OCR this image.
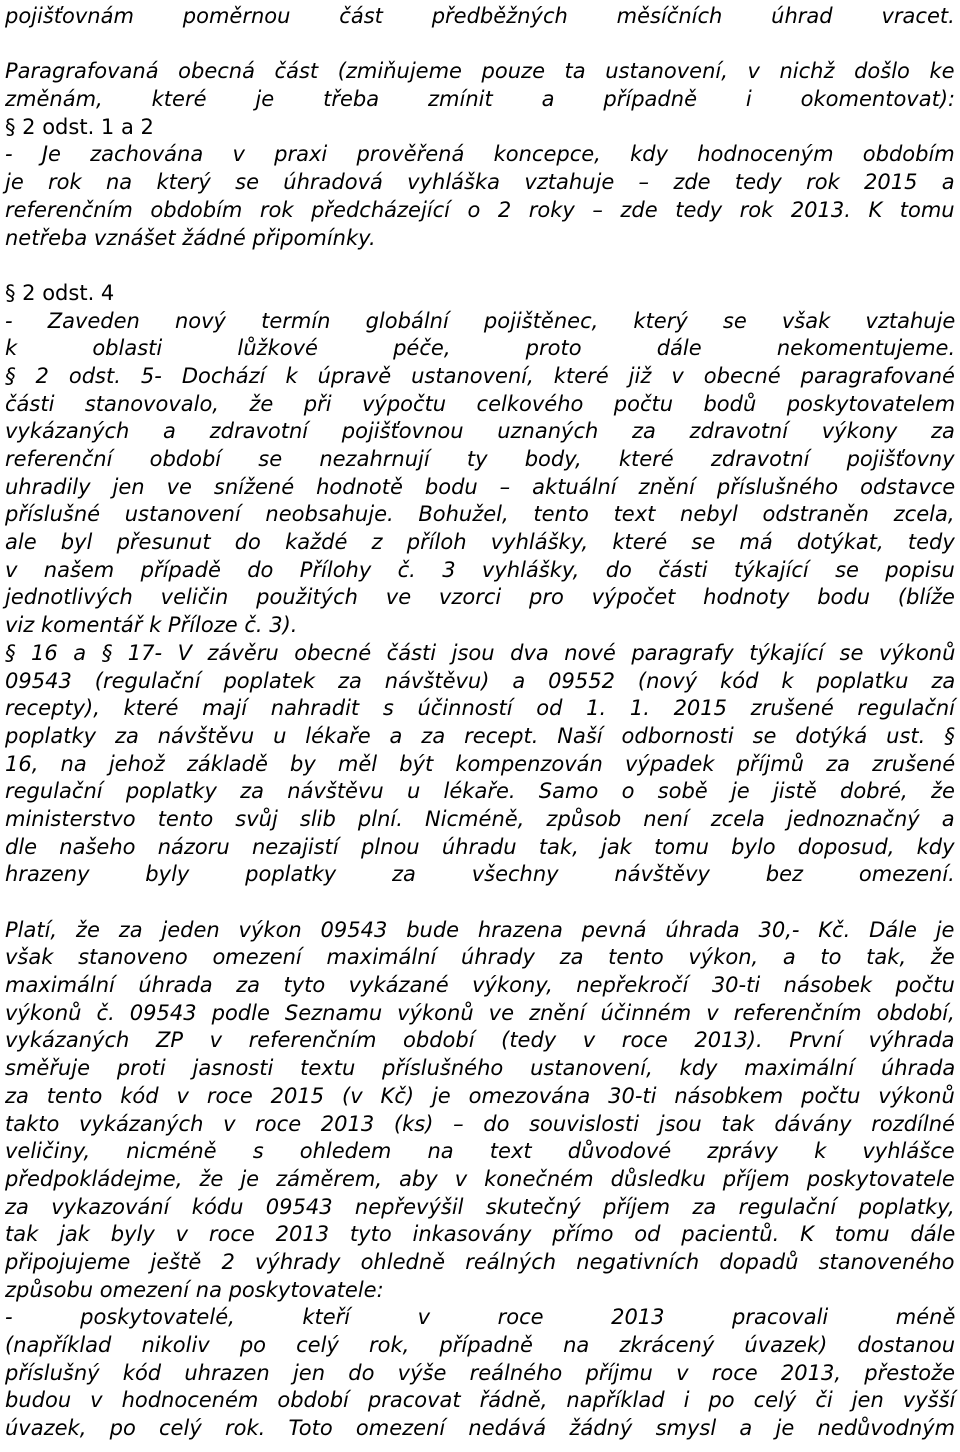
pojišťovnám poměrnou část předběžných měsíčních úhrad vracet.
Paragrafovaná obecná část (zmiňujeme pouze ta ustanovení, v nichž došlo ke
změnám, které je třeba zmínit a případně i okomentovat):
§ 2 odst. 1 a 2
- Je zachována v praxi prověřená koncepce, kdy hodnoceným obdobím
je rok na který se úhradová vyhláška vztahuje – zde tedy rok 2015 a
referenčním obdobím rok předcházející o 2 roky – zde tedy rok 2013. K tomu
netřeba vznášet žádné připomínky.
§ 2 odst. 4
- Zaveden nový termín globální pojištěnec, který se však vztahuje
k oblasti lůžkové péče, proto dále nekomentujeme.
§ 2 odst. 5- Dochází k úpravě ustanovení, které již v obecné paragrafované
části stanovovalo, že při výpočtu celkového počtu bodů poskytovatelem
vykázaných a zdravotní pojišťovnou uznaných za zdravotní výkony za
referenční období se nezahrnují ty body, které zdravotní pojišťovny
uhradily jen ve snížené hodnotě bodu – aktuální znění příslušného odstavce
příslušné ustanovení neobsahuje. Bohužel, tento text nebyl odstraněn zcela,
ale byl přesunut do každé z příloh vyhlášky, které se má dotýkat, tedy
v našem případě do Přílohy č. 3 vyhlášky, do části týkající se popisu
jednotlivých veličin použitých ve vzorci pro výpočet hodnoty bodu (blíže
viz komentář k Příloze č. 3).
§ 16 a § 17- V závěru obecné části jsou dva nové paragrafy týkající se výkonů
09543 (regulační poplatek za návštěvu) a 09552 (nový kód k poplatku za
recepty), které mají nahradit s účinností od 1. 1. 2015 zrušené regulační
poplatky za návštěvu u lékaře a za recept. Naší odbornosti se dotýká ust. §
16, na jehož základě by měl být kompenzován výpadek příjmů za zrušené
regulační poplatky za návštěvu u lékaře. Samo o sobě je jistě dobré, že
ministerstvo tento svůj slib plní. Nicméně, způsob není zcela jednoznačný a
dle našeho názoru nezajistí plnou úhradu tak, jak tomu bylo doposud, kdy
hrazeny byly poplatky za všechny návštěvy bez omezení.
Platí, že za jeden výkon 09543 bude hrazena pevná úhrada 30,- Kč. Dále je
však stanoveno omezení maximální úhrady za tento výkon, a to tak, že
maximální úhrada za tyto vykázané výkony, nepřekročí 30-ti násobek počtu
výkonů č. 09543 podle Seznamu výkonů ve znění účinném v referenčním období,
vykázaných ZP v referenčním období (tedy v roce 2013). První výhrada
směřuje proti jasnosti textu příslušného ustanovení, kdy maximální úhrada
za tento kód v roce 2015 (v Kč) je omezována 30-ti násobkem počtu výkonů
takto vykázaných v roce 2013 (ks) – do souvislosti jsou tak dávány rozdílné
veličiny, nicméně s ohledem na text důvodové zprávy k vyhlášce
předpokládejme, že je záměrem, aby v konečném důsledku příjem poskytovatele
za vykazování kódu 09543 nepřevýšil skutečný příjem za regulační poplatky,
tak jak byly v roce 2013 tyto inkasovány přímo od pacientů. K tomu dále
připojujeme ještě 2 výhrady ohledně reálných negativních dopadů stanoveného
způsobu omezení na poskytovatele:
- poskytovatelé, kteří v roce 2013 pracovali méně
(například nikoliv po celý rok, případně na zkrácený úvazek) dostanou
příslušný kód uhrazen jen do výše reálného příjmu v roce 2013, přestože
budou v hodnoceném období pracovat řádně, například i po celý či jen vyšší
úvazek, po celý rok. Toto omezení nedává žádný smysl a je nedůvodným
